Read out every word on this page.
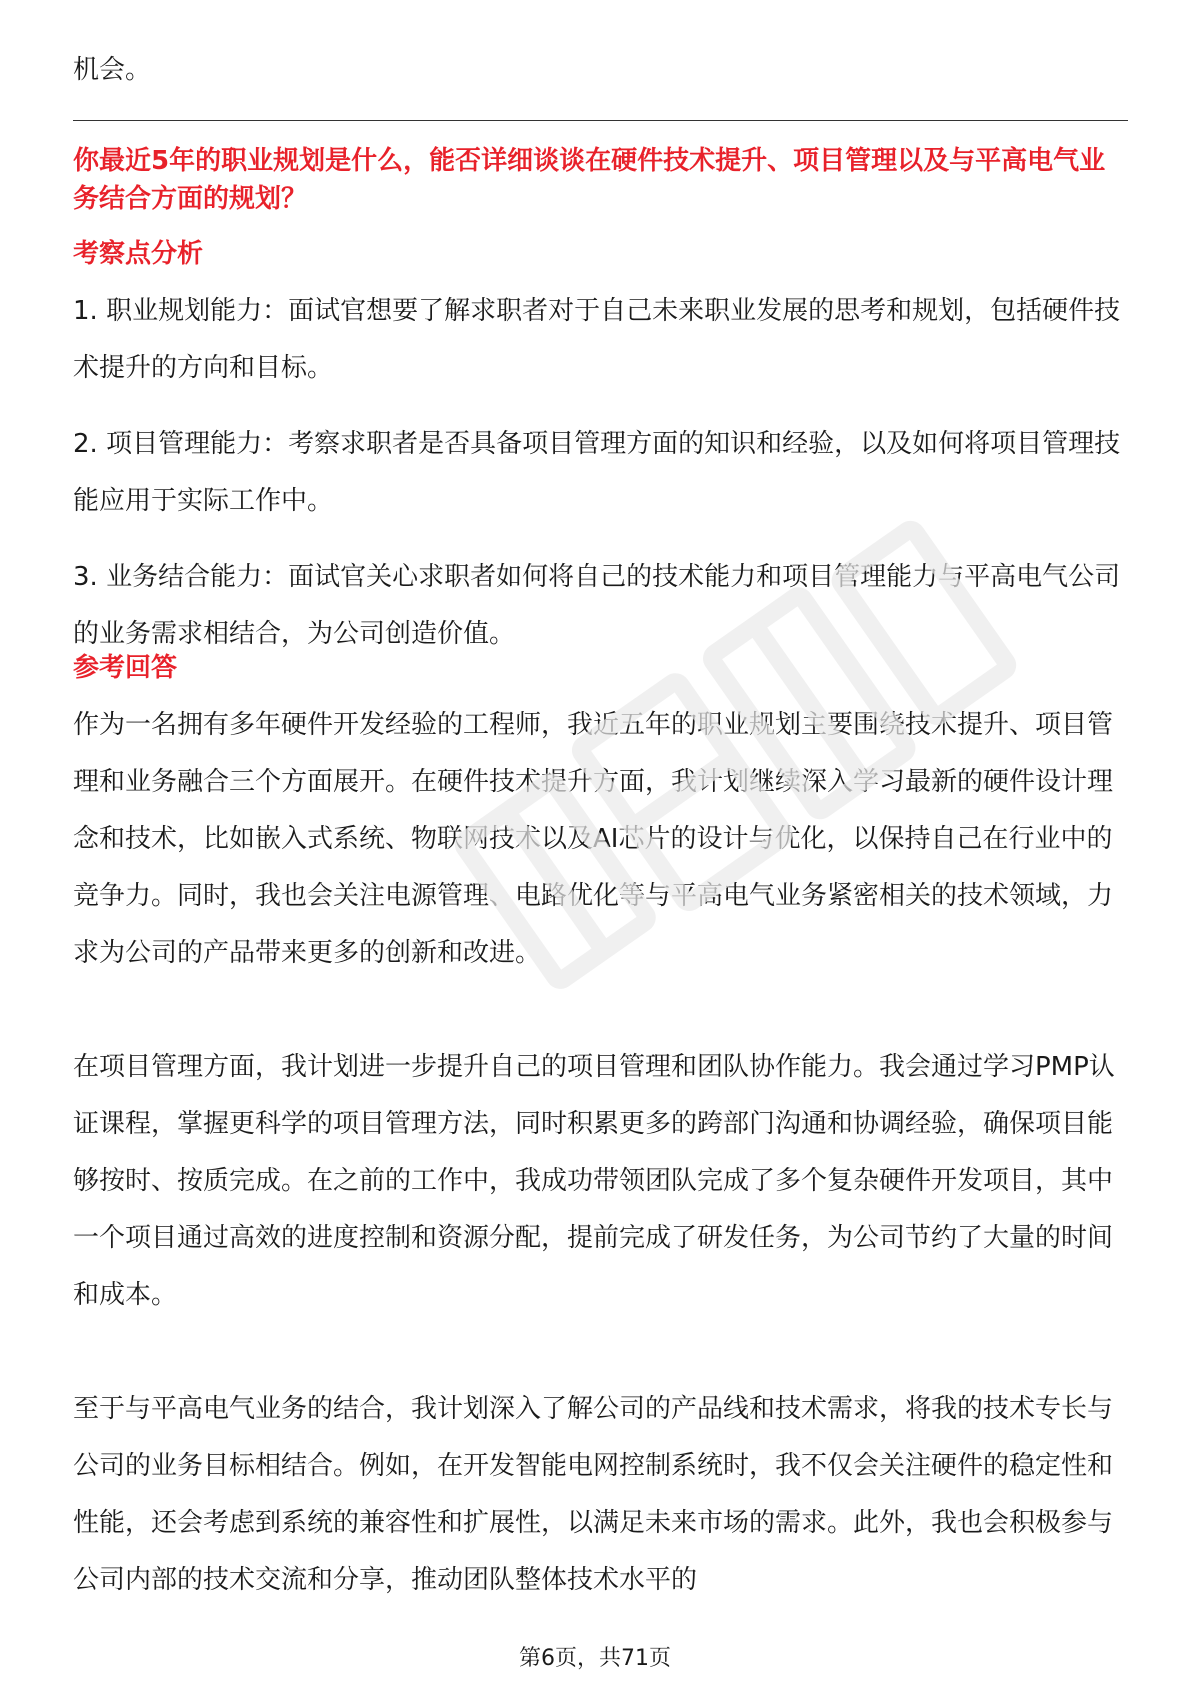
机会。

你最近5年的职业规划是什么，能否详细谈谈在硬件技术提升、项目管理以及与平高电气业务结合方面的规划？

考察点分析

1. 职业规划能力：面试官想要了解求职者对于自己未来职业发展的思考和规划，包括硬件技术提升的方向和目标。

2. 项目管理能力：考察求职者是否具备项目管理方面的知识和经验，以及如何将项目管理技能应用于实际工作中。

3. 业务结合能力：面试官关心求职者如何将自己的技术能力和项目管理能力与平高电气公司的业务需求相结合，为公司创造价值。

参考回答

作为一名拥有多年硬件开发经验的工程师，我近五年的职业规划主要围绕技术提升、项目管理和业务融合三个方面展开。在硬件技术提升方面，我计划继续深入学习最新的硬件设计理念和技术，比如嵌入式系统、物联网技术以及AI芯片的设计与优化，以保持自己在行业中的竞争力。同时，我也会关注电源管理、电路优化等与平高电气业务紧密相关的技术领域，力求为公司的产品带来更多的创新和改进。

在项目管理方面，我计划进一步提升自己的项目管理和团队协作能力。我会通过学习PMP认证课程，掌握更科学的项目管理方法，同时积累更多的跨部门沟通和协调经验，确保项目能够按时、按质完成。在之前的工作中，我成功带领团队完成了多个复杂硬件开发项目，其中一个项目通过高效的进度控制和资源分配，提前完成了研发任务，为公司节约了大量的时间和成本。

至于与平高电气业务的结合，我计划深入了解公司的产品线和技术需求，将我的技术专长与公司的业务目标相结合。例如，在开发智能电网控制系统时，我不仅会关注硬件的稳定性和性能，还会考虑到系统的兼容性和扩展性，以满足未来市场的需求。此外，我也会积极参与公司内部的技术交流和分享，推动团队整体技术水平的

第6页，共71页
